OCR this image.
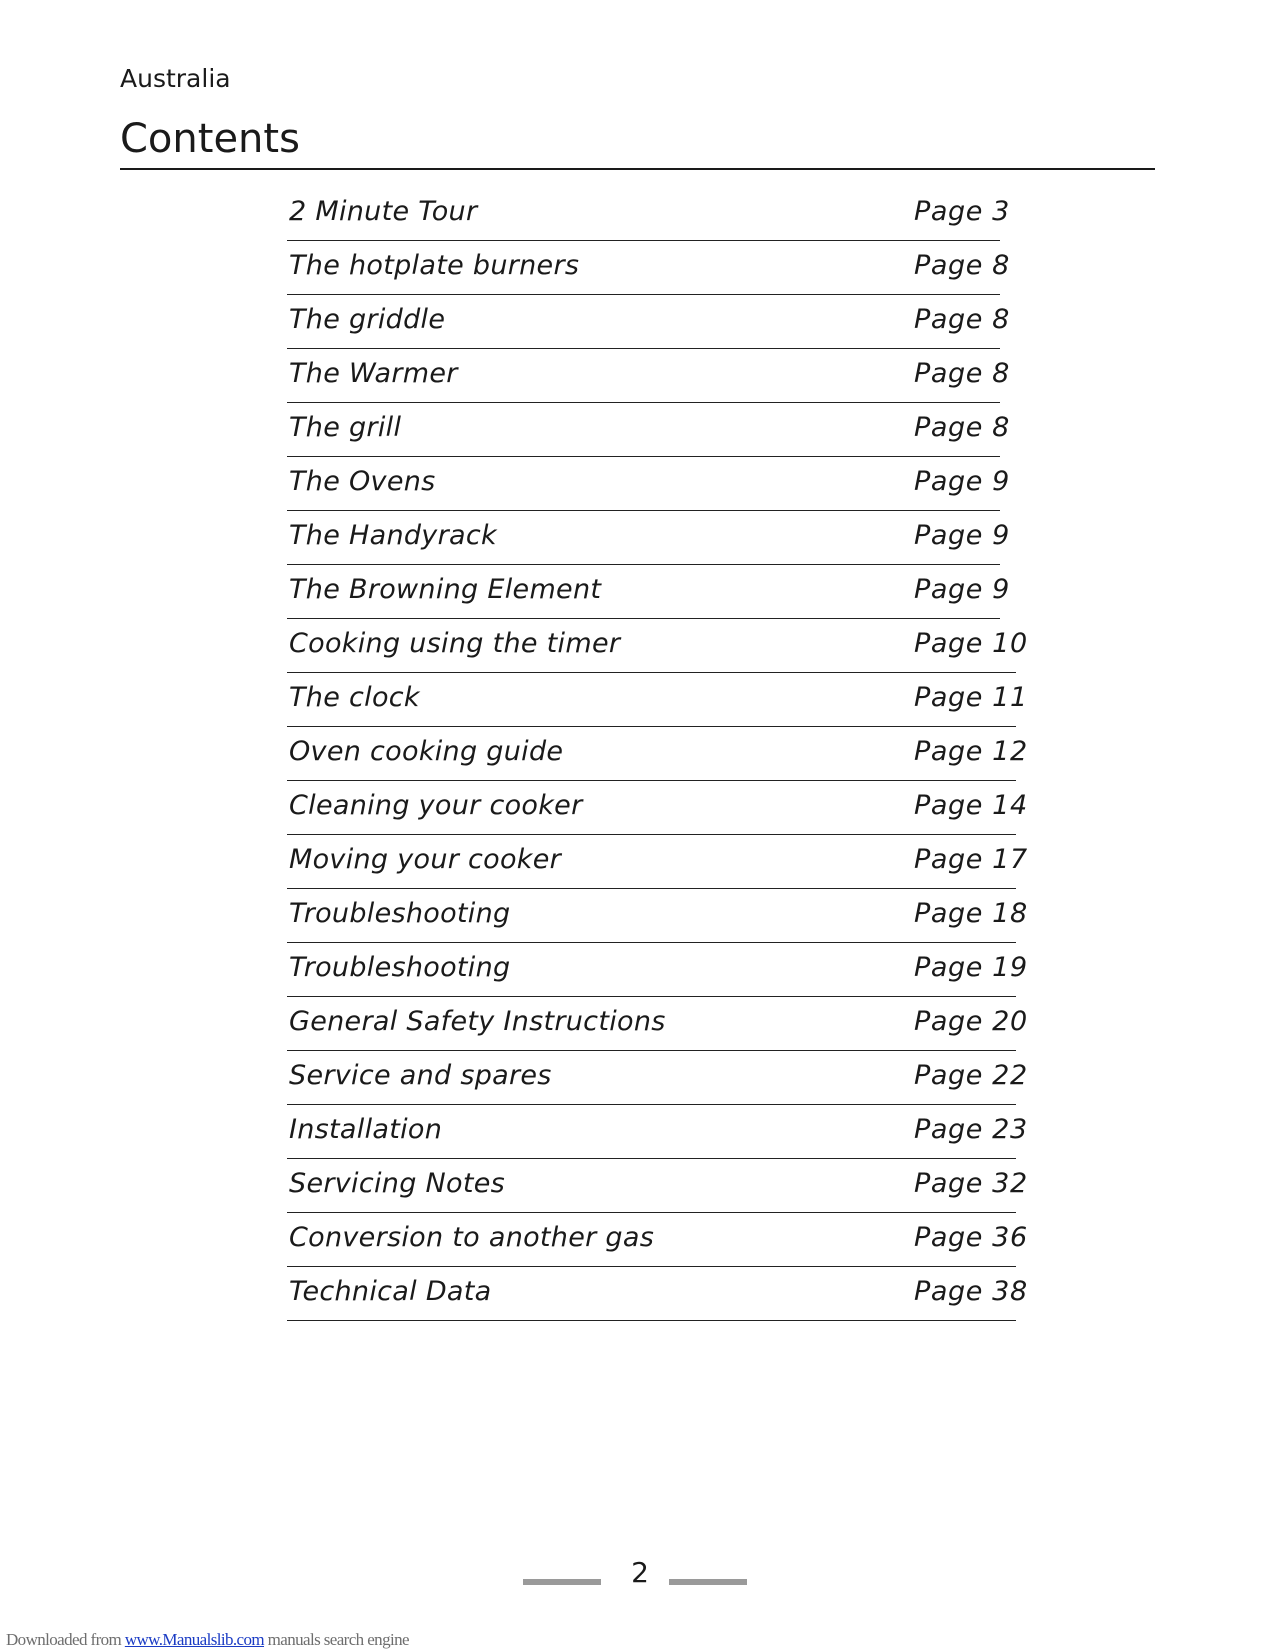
Australia
Contents
2 Minute Tour	Page 3
The hotplate burners	Page 8
The griddle	Page 8
The Warmer	Page 8
The grill	Page 8
The Ovens	Page 9
The Handyrack	Page 9
The Browning Element	Page 9
Cooking using the timer	Page 10
The clock	Page 11
Oven cooking guide	Page 12
Cleaning your cooker	Page 14
Moving your cooker	Page 17
Troubleshooting	Page 18
Troubleshooting	Page 19
General Safety Instructions	Page 20
Service and spares	Page 22
Installation	Page 23
Servicing Notes	Page 32
Conversion to another gas	Page 36
Technical Data	Page 38
2
Downloaded from www.Manualslib.com manuals search engine
